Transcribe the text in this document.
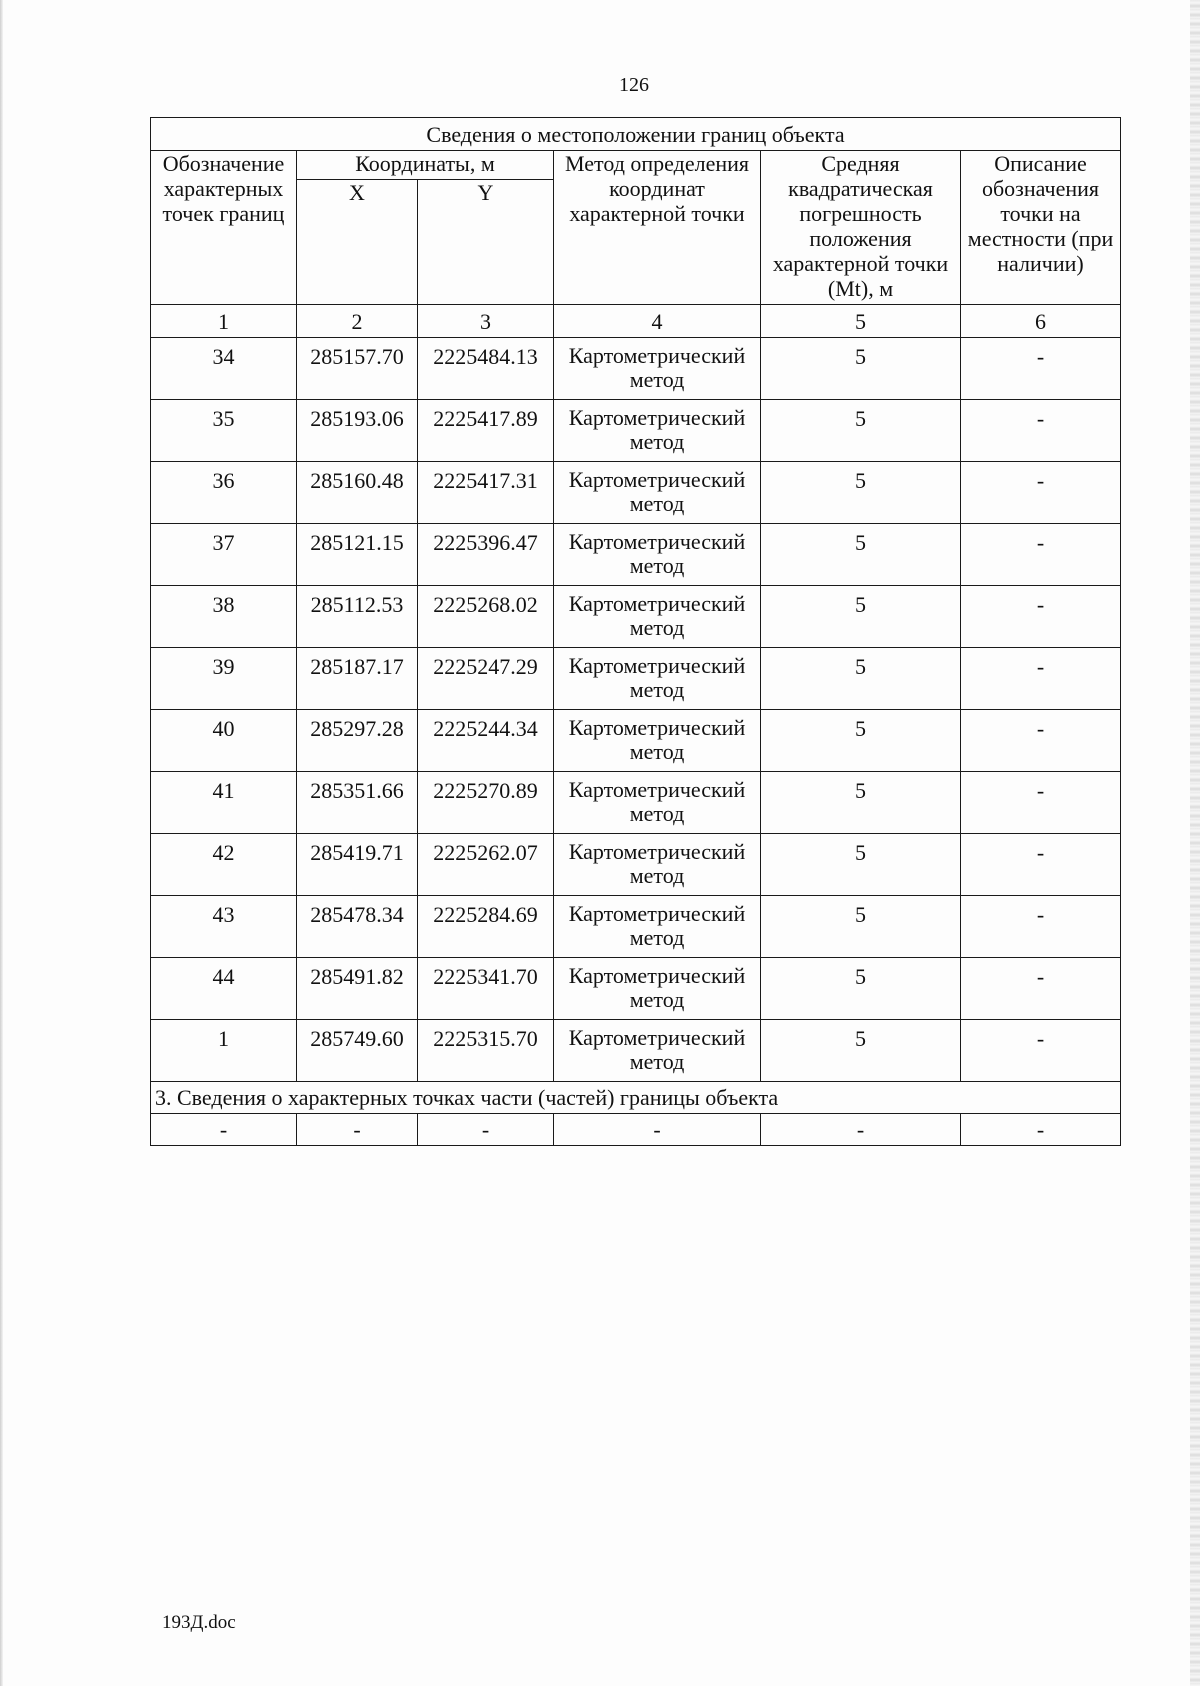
126
Сведения о местоположении границ объекта					
Обозначение характерных точек границ	Координаты, м		Метод определения координат характерной точки	Средняя квадратическая погрешность положения характерной точки (Mt), м	Описание обозначения точки на местности (при наличии)
	X	Y			
1	2	3	4	5	6
34	285157.70	2225484.13	Картометрический метод	5	-
35	285193.06	2225417.89	Картометрический метод	5	-
36	285160.48	2225417.31	Картометрический метод	5	-
37	285121.15	2225396.47	Картометрический метод	5	-
38	285112.53	2225268.02	Картометрический метод	5	-
39	285187.17	2225247.29	Картометрический метод	5	-
40	285297.28	2225244.34	Картометрический метод	5	-
41	285351.66	2225270.89	Картометрический метод	5	-
42	285419.71	2225262.07	Картометрический метод	5	-
43	285478.34	2225284.69	Картометрический метод	5	-
44	285491.82	2225341.70	Картометрический метод	5	-
1	285749.60	2225315.70	Картометрический метод	5	-
3. Сведения о характерных точках части (частей) границы объекта					
-	-	-	-	-	-
193Д.doc
